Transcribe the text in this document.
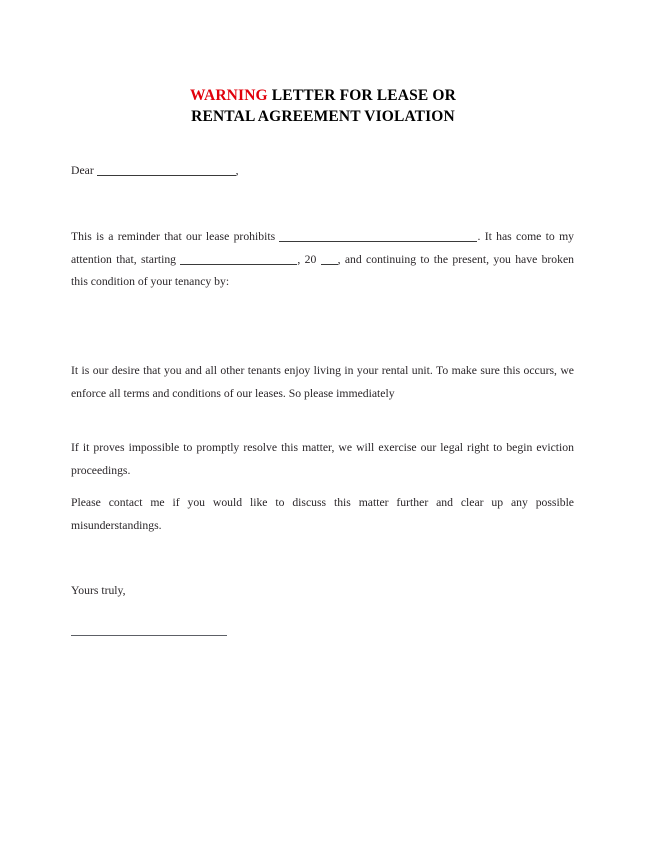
WARNING LETTER FOR LEASE OR
RENTAL AGREEMENT VIOLATION
Dear	,
This is a reminder that our lease prohibits	. It has come to my attention that, starting	, 20 , and continuing to the present, you have broken this condition of your tenancy by:
It is our desire that you and all other tenants enjoy living in your rental unit. To make sure this occurs, we enforce all terms and conditions of our leases. So please immediately
If it proves impossible to promptly resolve this matter, we will exercise our legal right to begin eviction proceedings.
Please contact me if you would like to discuss this matter further and clear up any possible misunderstandings.
Yours truly,
